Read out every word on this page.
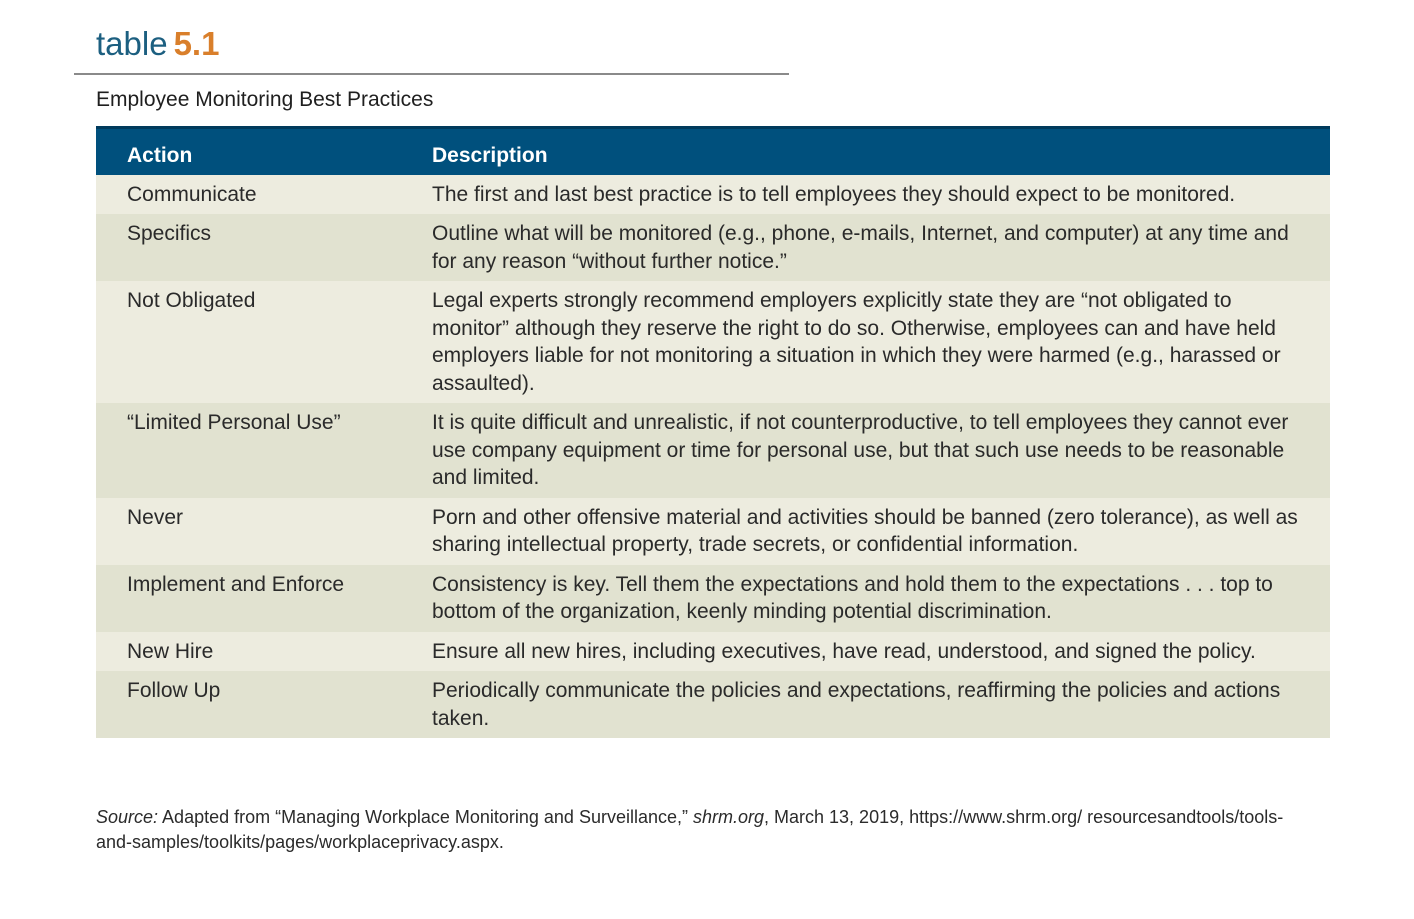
table 5.1
Employee Monitoring Best Practices
Action	Description
Communicate	The first and last best practice is to tell employees they should expect to be monitored.
Specifics	Outline what will be monitored (e.g., phone, e-mails, Internet, and computer) at any time and for any reason “without further notice.”
Not Obligated	Legal experts strongly recommend employers explicitly state they are “not obligated to monitor” although they reserve the right to do so. Otherwise, employees can and have held employers liable for not monitoring a situation in which they were harmed (e.g., harassed or assaulted).
“Limited Personal Use”	It is quite difficult and unrealistic, if not counterproductive, to tell employees they cannot ever use company equipment or time for personal use, but that such use needs to be reasonable and limited.
Never	Porn and other offensive material and activities should be banned (zero tolerance), as well as sharing intellectual property, trade secrets, or confidential information.
Implement and Enforce	Consistency is key. Tell them the expectations and hold them to the expectations . . . top to bottom of the organization, keenly minding potential discrimination.
New Hire	Ensure all new hires, including executives, have read, understood, and signed the policy.
Follow Up	Periodically communicate the policies and expectations, reaffirming the policies and actions taken.
Source: Adapted from “Managing Workplace Monitoring and Surveillance,” shrm.org, March 13, 2019, https://www.shrm.org/ resourcesandtools/tools-and-samples/toolkits/pages/workplaceprivacy.aspx.
